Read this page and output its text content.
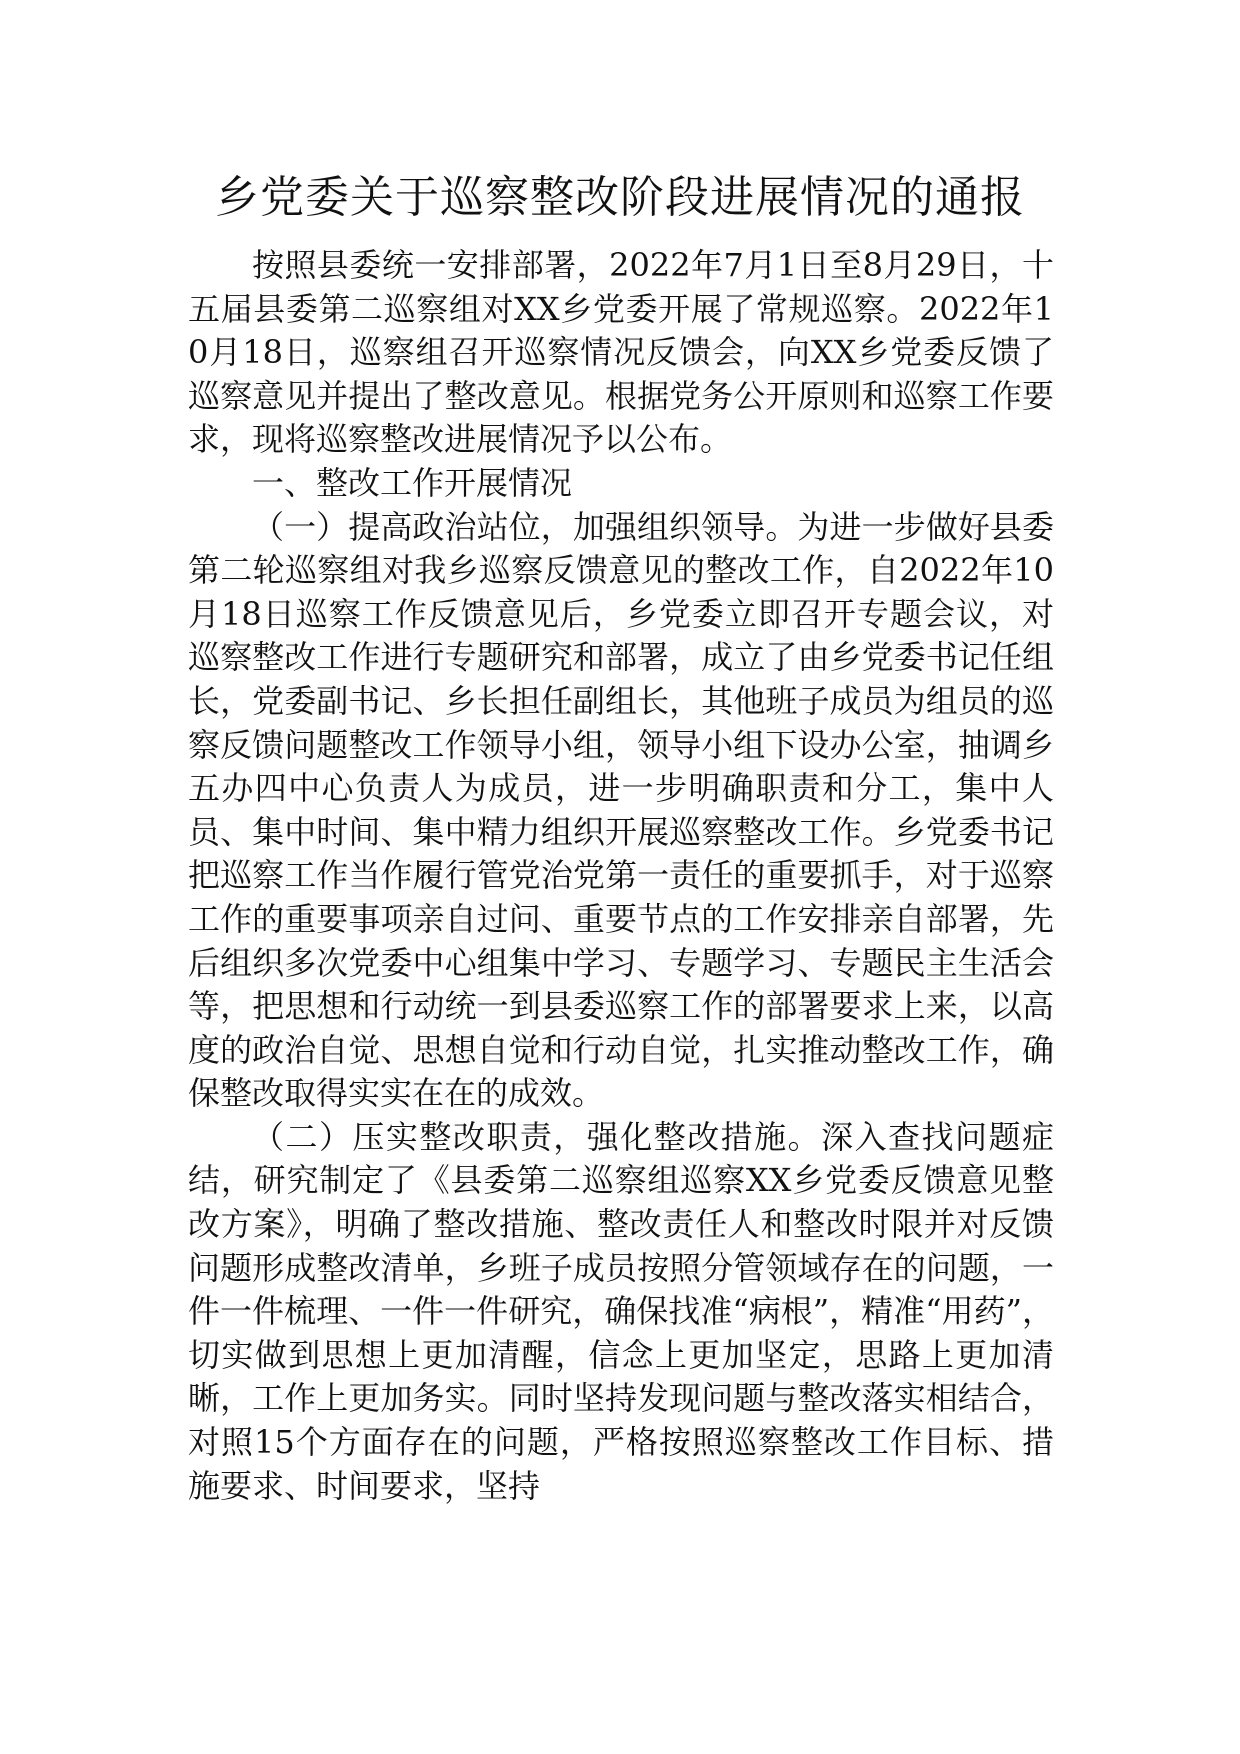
乡党委关于巡察整改阶段进展情况的通报

按照县委统一安排部署，2022年7月1日至8月29日，十五届县委第二巡察组对XX乡党委开展了常规巡察。2022年10月18日，巡察组召开巡察情况反馈会，向XX乡党委反馈了巡察意见并提出了整改意见。根据党务公开原则和巡察工作要求，现将巡察整改进展情况予以公布。

一、整改工作开展情况

（一）提高政治站位，加强组织领导。为进一步做好县委第二轮巡察组对我乡巡察反馈意见的整改工作，自2022年10月18日巡察工作反馈意见后，乡党委立即召开专题会议，对巡察整改工作进行专题研究和部署，成立了由乡党委书记任组长，党委副书记、乡长担任副组长，其他班子成员为组员的巡察反馈问题整改工作领导小组，领导小组下设办公室，抽调乡五办四中心负责人为成员，进一步明确职责和分工，集中人员、集中时间、集中精力组织开展巡察整改工作。乡党委书记把巡察工作当作履行管党治党第一责任的重要抓手，对于巡察工作的重要事项亲自过问、重要节点的工作安排亲自部署，先后组织多次党委中心组集中学习、专题学习、专题民主生活会等，把思想和行动统一到县委巡察工作的部署要求上来，以高度的政治自觉、思想自觉和行动自觉，扎实推动整改工作，确保整改取得实实在在的成效。

（二）压实整改职责，强化整改措施。深入查找问题症结，研究制定了《县委第二巡察组巡察XX乡党委反馈意见整改方案》，明确了整改措施、整改责任人和整改时限并对反馈问题形成整改清单，乡班子成员按照分管领域存在的问题，一件一件梳理、一件一件研究，确保找准“病根”，精准“用药”，切实做到思想上更加清醒，信念上更加坚定，思路上更加清晰，工作上更加务实。同时坚持发现问题与整改落实相结合，对照15个方面存在的问题，严格按照巡察整改工作目标、措施要求、时间要求，坚持
